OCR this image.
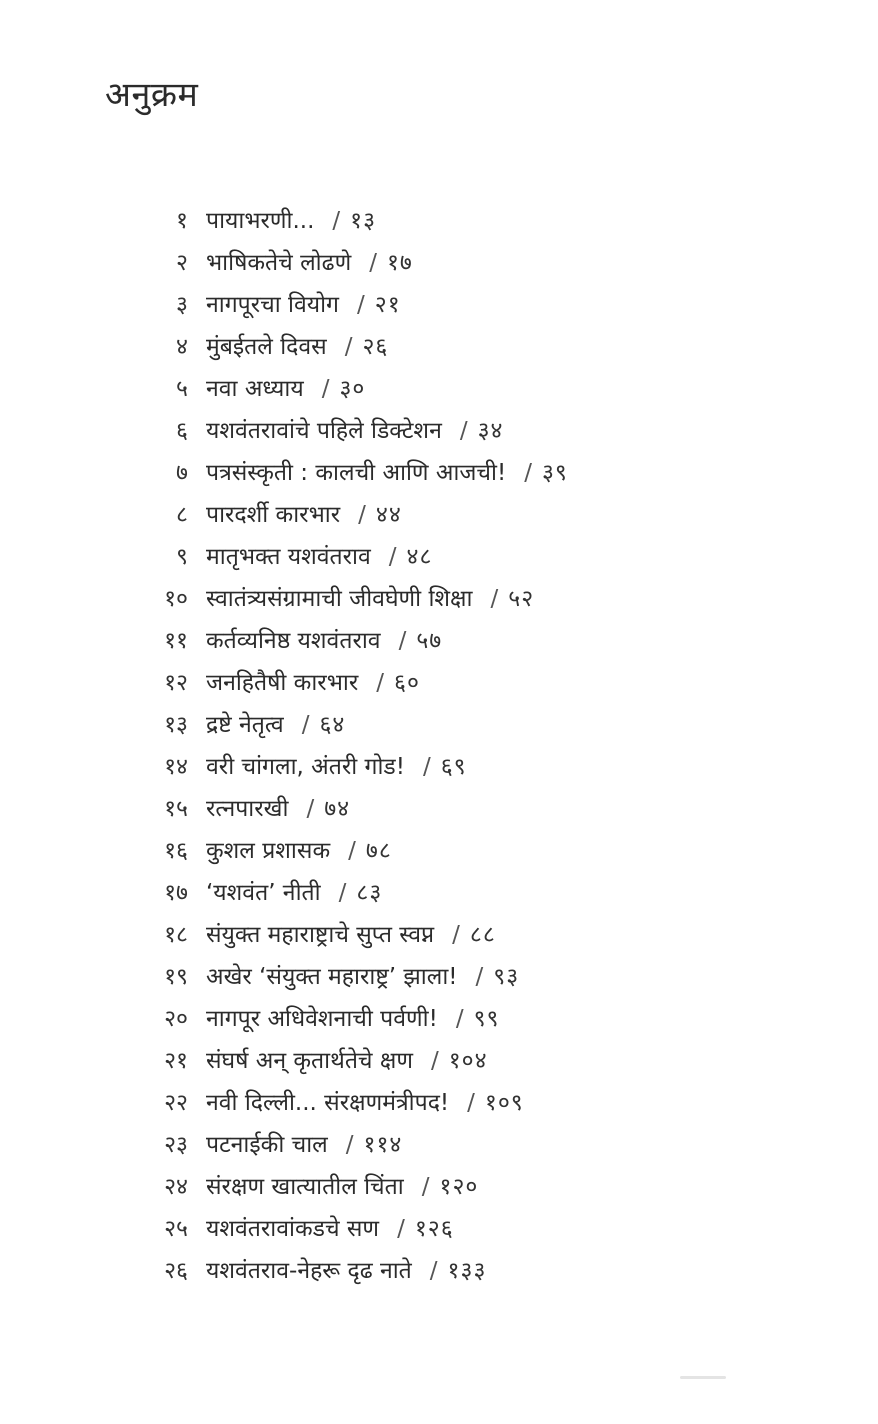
अनुक्रम
१ पायाभरणी... / १३
२ भाषिकतेचे लोढणे / १७
३ नागपूरचा वियोग / २१
४ मुंबईतले दिवस / २६
५ नवा अध्याय / ३०
६ यशवंतरावांचे पहिले डिक्टेशन / ३४
७ पत्रसंस्कृती : कालची आणि आजची! / ३९
८ पारदर्शी कारभार / ४४
९ मातृभक्त यशवंतराव / ४८
१० स्वातंत्र्यसंग्रामाची जीवघेणी शिक्षा / ५२
११ कर्तव्यनिष्ठ यशवंतराव / ५७
१२ जनहितैषी कारभार / ६०
१३ द्रष्टे नेतृत्व / ६४
१४ वरी चांगला, अंतरी गोड! / ६९
१५ रत्नपारखी / ७४
१६ कुशल प्रशासक / ७८
१७ ‘यशवंत’ नीती / ८३
१८ संयुक्त महाराष्ट्राचे सुप्त स्वप्न / ८८
१९ अखेर ‘संयुक्त महाराष्ट्र’ झाला! / ९३
२० नागपूर अधिवेशनाची पर्वणी! / ९९
२१ संघर्ष अन् कृतार्थतेचे क्षण / १०४
२२ नवी दिल्ली... संरक्षणमंत्रीपद! / १०९
२३ पटनाईकी चाल / ११४
२४ संरक्षण खात्यातील चिंता / १२०
२५ यशवंतरावांकडचे सण / १२६
२६ यशवंतराव-नेहरू दृढ नाते / १३३
